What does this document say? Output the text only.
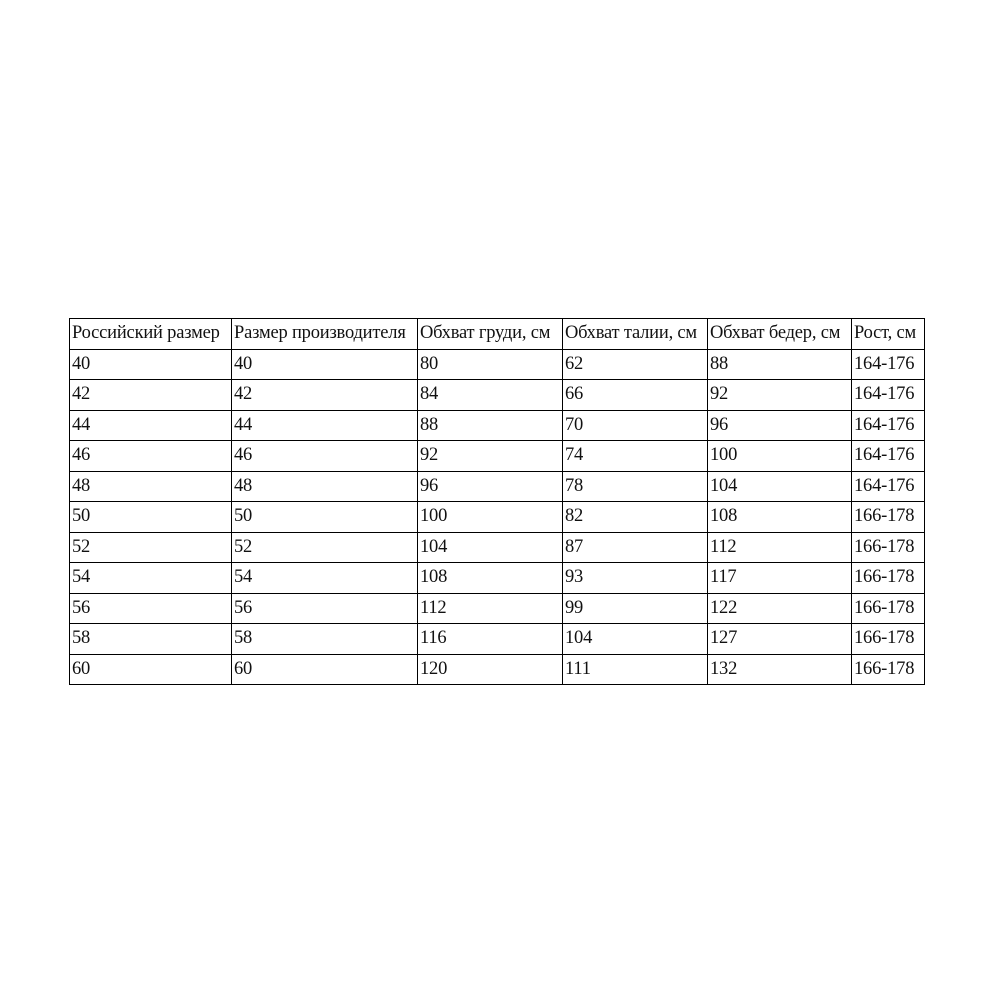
Российский размер	Размер производителя	Обхват груди, см	Обхват талии, см	Обхват бедер, см	Рост, см
40	40	80	62	88	164-176
42	42	84	66	92	164-176
44	44	88	70	96	164-176
46	46	92	74	100	164-176
48	48	96	78	104	164-176
50	50	100	82	108	166-178
52	52	104	87	112	166-178
54	54	108	93	117	166-178
56	56	112	99	122	166-178
58	58	116	104	127	166-178
60	60	120	111	132	166-178
